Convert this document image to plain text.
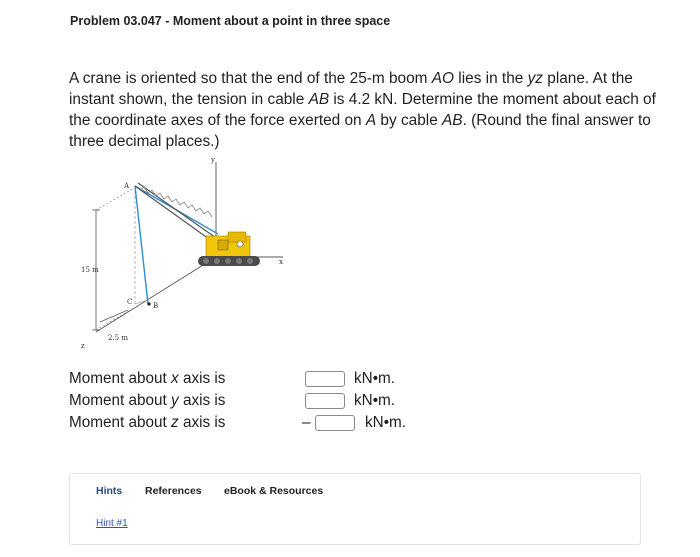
Problem 03.047 - Moment about a point in three space

A crane is oriented so that the end of the 25-m boom AO lies in the yz plane. At the instant shown, the tension in cable AB is 4.2 kN. Determine the moment about each of the coordinate axes of the force exerted on A by cable AB. (Round the final answer to three decimal places.)

A
B
C
y
x
z
15 m
2.5 m
Moment about x axis is	kN•m.
Moment about y axis is	kN•m.
Moment about z axis is	–	kN•m.
Hints References eBook & Resources
Hint #1
